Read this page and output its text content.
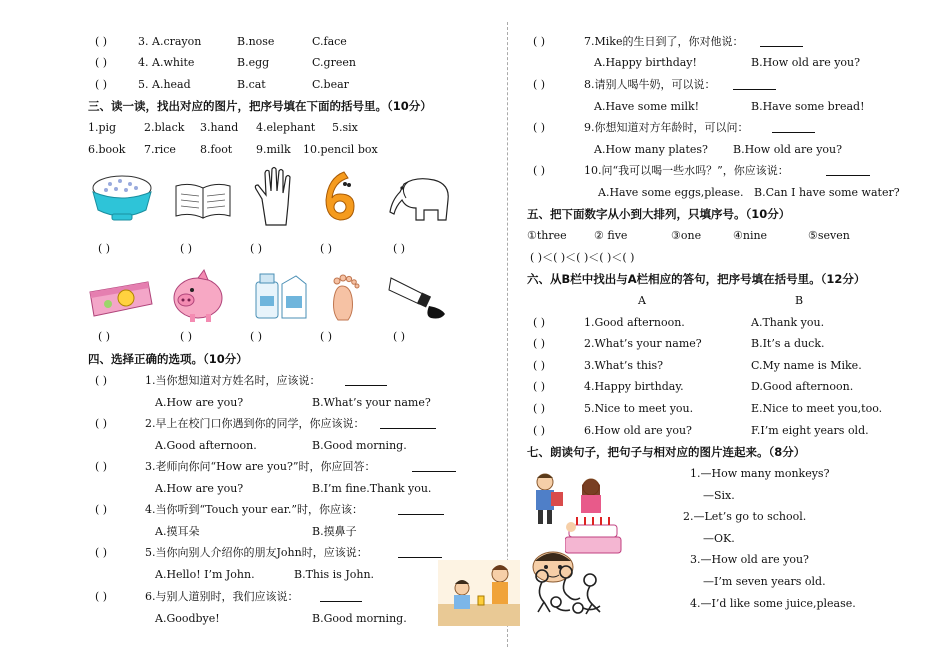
( )	3. A.crayon	B.nose	C.face
( )	4. A.white	B.egg	C.green
( )	5. A.head	B.cat	C.bear
三、读一读，找出对应的图片，把序号填在下面的括号里。（10分）
1.pig	2.black 3.hand 4.elephant 5.six
6.book 7.rice 8.foot 9.milk 10.pencil box
( )	( )	( )	( )	( )
( )	( )	( )	( )	( )
四、选择正确的选项。（10分）
( )	1.当你想知道对方姓名时，应该说：
A.How are you?	B.What’s your name?
( )	2.早上在校门口你遇到你的同学，你应该说：
A.Good afternoon.	B.Good morning.
( )	3.老师向你问“How are you?”时，你应回答：
A.How are you?	B.I’m fine.Thank you.
( )	4.当你听到“Touch your ear.”时，你应该：
A.摸耳朵	B.摸鼻子
( )	5.当你向别人介绍你的朋友John时，应该说：
A.Hello! I’m John.	B.This is John.
( )	6.与别人道别时，我们应该说：
A.Goodbye!	B.Good morning.
( )	7.Mike的生日到了，你对他说：
A.Happy birthday!	B.How old are you?
( )	8.请别人喝牛奶，可以说：
A.Have some milk!	B.Have some bread!
( )	9.你想知道对方年龄时，可以问：
A.How many plates? B.How old are you?
( )	10.问“我可以喝一些水吗？”，你应该说：
A.Have some eggs,please. B.Can I have some water?
五、把下面数字从小到大排列，只填序号。（10分）
①three ② five	③one	④nine	⑤seven
( )＜( )＜( )＜( )＜( )
六、从B栏中找出与A栏相应的答句，把序号填在括号里。（12分）
A	B
( )	1.Good afternoon.	A.Thank you.
( )	2.What’s your name?	B.It’s a duck.
( )	3.What’s this?	C.My name is Mike.
( )	4.Happy birthday.	D.Good afternoon.
( )	5.Nice to meet you.	E.Nice to meet you,too.
( )	6.How old are you?	F.I’m eight years old.
七、朗读句子，把句子与相对应的图片连起来。（8分）
1.—How many monkeys?
—Six.
2.—Let’s go to school.
—OK.
3.—How old are you?
—I’m seven years old.
4.—I’d like some juice,please.
